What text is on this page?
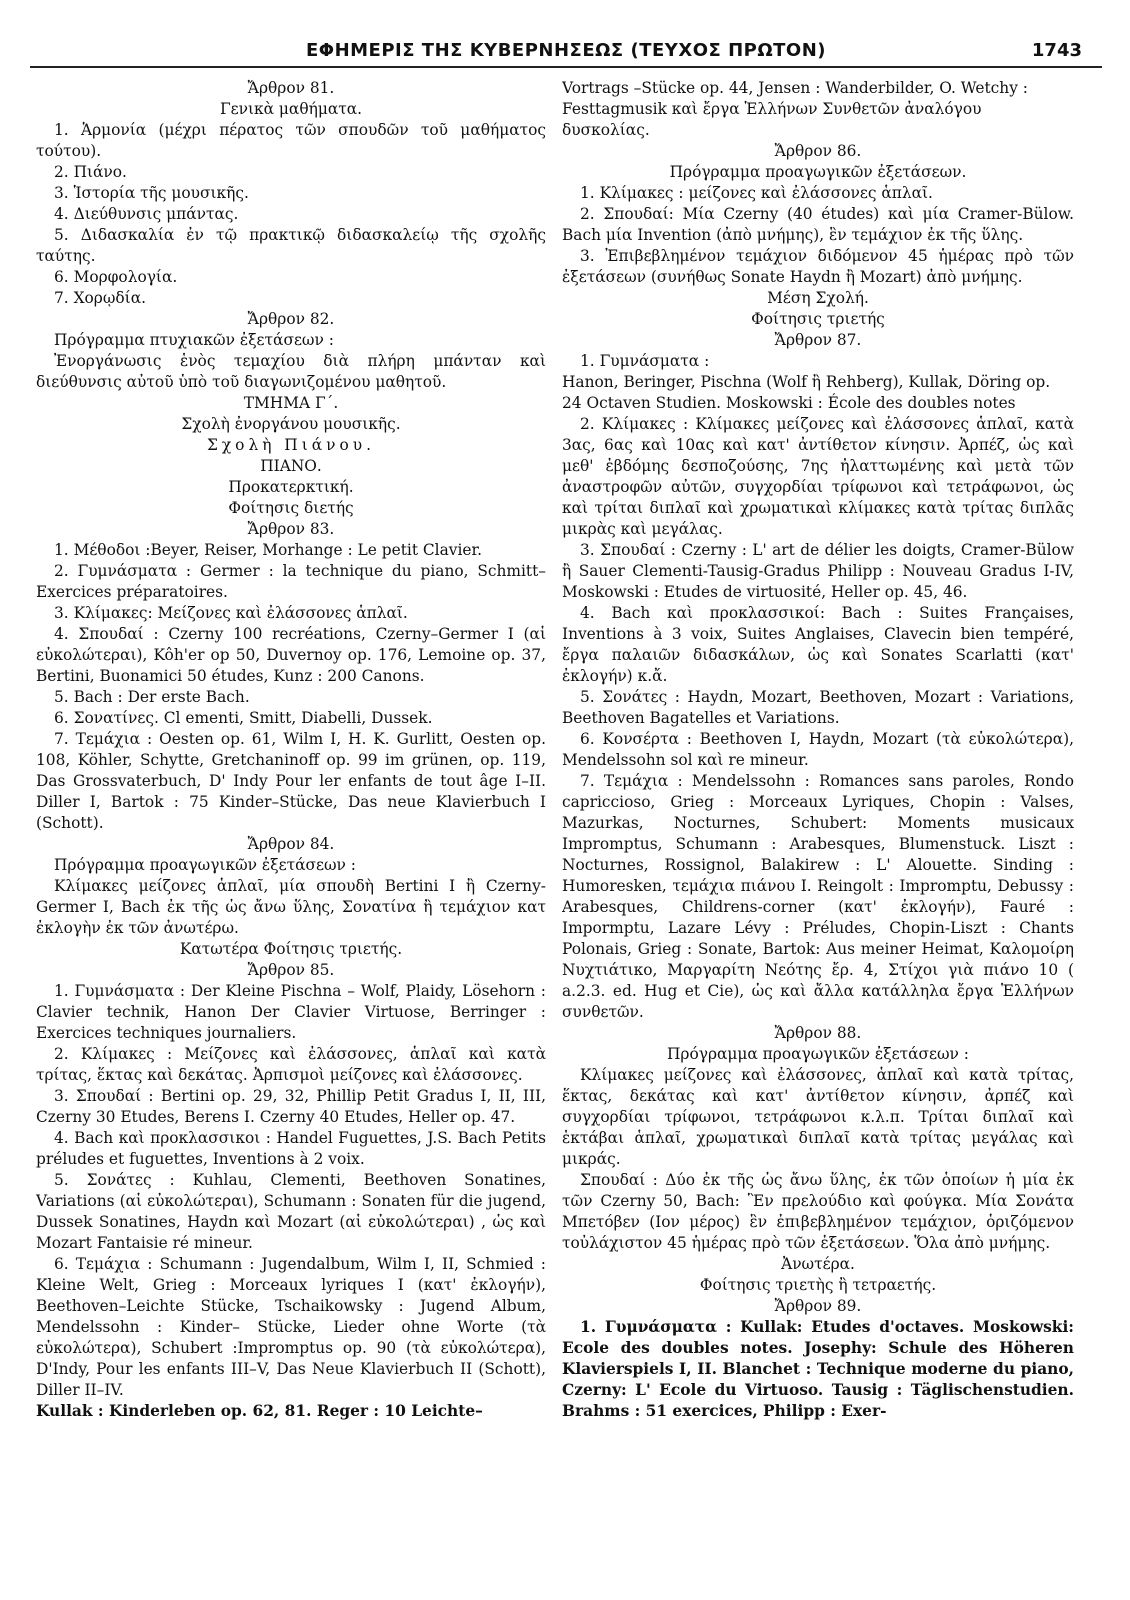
ΕΦΗΜΕΡΙΣ ΤΗΣ ΚΥΒΕΡΝΗΣΕΩΣ (ΤΕΥΧΟΣ ΠΡΩΤΟΝ)	1743
Ἄρθρον 81.
Γενικὰ μαθήματα.
1. Ἁρμονία (μέχρι πέρατος τῶν σπουδῶν τοῦ μαθήματος τούτου).
2. Πιάνο.
3. Ἱστορία τῆς μουσικῆς.
4. Διεύθυνσις μπάντας.
5. Διδασκαλία ἐν τῷ πρακτικῷ διδασκαλείῳ τῆς σχολῆς ταύτης.
6. Μορφολογία.
7. Χορῳδία.
Ἄρθρον 82.
Πρόγραμμα πτυχιακῶν ἐξετάσεων :
Ἐνοργάνωσις ἑνὸς τεμαχίου διὰ πλήρη μπάνταν καὶ διεύθυνσις αὐτοῦ ὑπὸ τοῦ διαγωνιζομένου μαθητοῦ.
ΤΜΗΜΑ Γ΄.
Σχολὴ ἐνοργάνου μουσικῆς.
Σχολὴ Πιάνου.
ΠΙΑΝΟ.
Προκατερκτική.
Φοίτησις διετής
Ἄρθρον 83.
1. Μέθοδοι :Beyer, Reiser, Morhange : Le petit Clavier.
2. Γυμνάσματα : Germer : la technique du piano, Schmitt–Exercices préparatoires.
3. Κλίμακες: Μείζονες καὶ ἐλάσσονες ἁπλαῖ.
4. Σπουδαί : Czerny 100 recréations, Czerny–Germer I (αἱ εὐκολώτεραι), Kôh'er op 50, Duvernoy op. 176, Lemoine op. 37, Bertini, Buonamici 50 études, Kunz : 200 Canons.
5. Bach : Der erste Bach.
6. Σονατίνες. Cl ementi, Smitt, Diabelli, Dussek.
7. Τεμάχια : Oesten op. 61, Wilm I, H. K. Gurlitt, Oesten op. 108, Köhler, Schytte, Gretchaninoff op. 99 im grünen, op. 119, Das Grossvaterbuch, D' Indy Pour ler enfants de tout âge I–II. Diller I, Bartok : 75 Kinder–Stücke, Das neue Klavierbuch I (Schott).
Ἄρθρον 84.
Πρόγραμμα προαγωγικῶν ἐξετάσεων :
Κλίμακες μείζονες ἁπλαῖ, μία σπουδὴ Bertini I ἢ Czerny-Germer I, Bach ἐκ τῆς ὡς ἄνω ὕλης, Σονατίνα ἢ τεμάχιον κατ ἐκλογὴν ἐκ τῶν ἀνωτέρω.
Κατωτέρα Φοίτησις τριετής.
Ἄρθρον 85.
1. Γυμνάσματα : Der Kleine Pischna – Wolf, Plaidy, Lösehorn : Clavier technik, Hanon Der Clavier Virtuose, Berringer : Exercices techniques journaliers.
2. Κλίμακες : Μείζονες καὶ ἐλάσσονες, ἁπλαῖ καὶ κατὰ τρίτας, ἕκτας καὶ δεκάτας. Ἀρπισμοὶ μείζονες καὶ ἐλάσσονες.
3. Σπουδαί : Bertini op. 29, 32, Phillip Petit Gradus I, II, III, Czerny 30 Etudes, Berens I. Czerny 40 Etudes, Heller op. 47.
4. Bach καὶ προκλασσικοι : Handel Fuguettes, J.S. Bach Petits préludes et fuguettes, Inventions à 2 voix.
5. Σονάτες : Kuhlau, Clementi, Beethoven Sonatines, Variations (αἱ εὐκολώτεραι), Schumann : Sonaten für die jugend, Dussek Sonatines, Haydn καὶ Mozart (αἱ εὐκολώτεραι) , ὡς καὶ Mozart Fantaisie ré mineur.
6. Τεμάχια : Schumann : Jugendalbum, Wilm I, II, Schmied : Kleine Welt, Grieg : Morceaux lyriques I (κατ' ἐκλογήν), Beethoven–Leichte Stücke, Tschaikowsky : Jugend Album, Mendelssohn : Kinder– Stücke, Lieder ohne Worte (τὰ εὐκολώτερα), Schubert :Impromptus op. 90 (τὰ εὐκολώτερα), D'Indy, Pour les enfants III–V, Das Neue Klavierbuch II (Schott), Diller II–IV.
Kullak : Kinderleben op. 62, 81. Reger : 10 Leichte–
Vortrags –Stücke op. 44, Jensen : Wanderbilder, O. Wetchy : Festtagmusik καὶ ἔργα Ἑλλήνων Συνθετῶν ἀναλόγου δυσκολίας.
Ἄρθρον 86.
Πρόγραμμα προαγωγικῶν ἐξετάσεων.
1. Κλίμακες : μείζονες καὶ ἐλάσσονες ἁπλαῖ.
2. Σπουδαί: Μία Czerny (40 études) καὶ μία Cramer-Bülow. Bach μία Invention (ἀπὸ μνήμης), ἓν τεμάχιον ἐκ τῆς ὕλης.
3. Ἐπιβεβλημένον τεμάχιον διδόμενον 45 ἡμέρας πρὸ τῶν ἐξετάσεων (συνήθως Sonate Haydn ἢ Mozart) ἀπὸ μνήμης.
Μέση Σχολή.
Φοίτησις τριετής
Ἄρθρον 87.
1. Γυμνάσματα :
Hanon, Beringer, Pischna (Wolf ἢ Rehberg), Kullak, Döring op. 24 Octaven Studien. Moskowski : École des doubles notes
2. Κλίμακες : Κλίμακες μείζονες καὶ ἐλάσσονες ἁπλαῖ, κατὰ 3ας, 6ας καὶ 10ας καὶ κατ' ἀντίθετον κίνησιν. Ἀρπέζ, ὡς καὶ μεθ' ἑβδόμης δεσποζούσης, 7ης ἠλαττωμένης καὶ μετὰ τῶν ἀναστροφῶν αὐτῶν, συγχορδίαι τρίφωνοι καὶ τετράφωνοι, ὡς καὶ τρίται διπλαῖ καὶ χρωματικαὶ κλίμακες κατὰ τρίτας διπλᾶς μικρὰς καὶ μεγάλας.
3. Σπουδαί : Czerny : L' art de délier les doigts, Cramer-Bülow ἢ Sauer Clementi-Tausig-Gradus Philipp : Nouveau Gradus I-IV, Moskowski : Etudes de virtuosité, Heller op. 45, 46.
4. Bach καὶ προκλασσικοί: Bach : Suites Françaises, Inventions à 3 voix, Suites Anglaises, Clavecin bien tempéré, ἔργα παλαιῶν διδασκάλων, ὡς καὶ Sonates Scarlatti (κατ' ἐκλογήν) κ.ἄ.
5. Σονάτες : Haydn, Mozart, Beethoven, Mozart : Variations, Beethoven Bagatelles et Variations.
6. Κονσέρτα : Beethoven I, Haydn, Mozart (τὰ εὐκολώτερα), Mendelssohn sol καὶ re mineur.
7. Τεμάχια : Mendelssohn : Romances sans paroles, Rondo capriccioso, Grieg : Morceaux Lyriques, Chopin : Valses, Mazurkas, Nocturnes, Schubert: Moments musicaux Impromptus, Schumann : Arabesques, Blumenstuck. Liszt : Nocturnes, Rossignol, Balakirew : L' Alouette. Sinding : Humoresken, τεμάχια πιάνου I. Reingolt : Impromptu, Debussy : Arabesques, Childrens-corner (κατ' ἐκλογήν), Fauré : Impormptu, Lazare Lévy : Préludes, Chopin-Liszt : Chants Polonais, Grieg : Sonate, Bartok: Aus meiner Heimat, Καλομοίρη Νυχτιάτικο, Μαργαρίτη Νεότης ἔρ. 4, Στίχοι γιὰ πιάνο 10 ( a.2.3. ed. Hug et Cie), ὡς καὶ ἄλλα κατάλληλα ἔργα Ἑλλήνων συνθετῶν.
Ἄρθρον 88.
Πρόγραμμα προαγωγικῶν ἐξετάσεων :
Κλίμακες μείζονες καὶ ἐλάσσονες, ἁπλαῖ καὶ κατὰ τρίτας, ἕκτας, δεκάτας καὶ κατ' ἀντίθετον κίνησιν, ἀρπέζ καὶ συγχορδίαι τρίφωνοι, τετράφωνοι κ.λ.π. Τρίται διπλαῖ καὶ ἑκτάβαι ἁπλαῖ, χρωματικαὶ διπλαῖ κατὰ τρίτας μεγάλας καὶ μικράς.
Σπουδαί : Δύο ἐκ τῆς ὡς ἄνω ὕλης, ἐκ τῶν ὁποίων ἡ μία ἐκ τῶν Czerny 50, Bach: Ἓν πρελούδιο καὶ φούγκα. Μία Σονάτα Μπετόβεν (Ιον μέρος) ἓν ἐπιβεβλημένον τεμάχιον, ὁριζόμενον τοὐλάχιστον 45 ἡμέρας πρὸ τῶν ἐξετάσεων. Ὅλα ἀπὸ μνήμης.
Ἀνωτέρα.
Φοίτησις τριετὴς ἢ τετραετής.
Ἄρθρον 89.
1. Γυμνάσματα : Kullak: Etudes d'octaves. Moskowski: Ecole des doubles notes. Josephy: Schule des Höheren Klavierspiels I, II. Blanchet : Technique moderne du piano, Czerny: L' Ecole du Virtuoso. Tausig : Täglischenstudien. Brahms : 51 exercices, Philipp : Exer-
